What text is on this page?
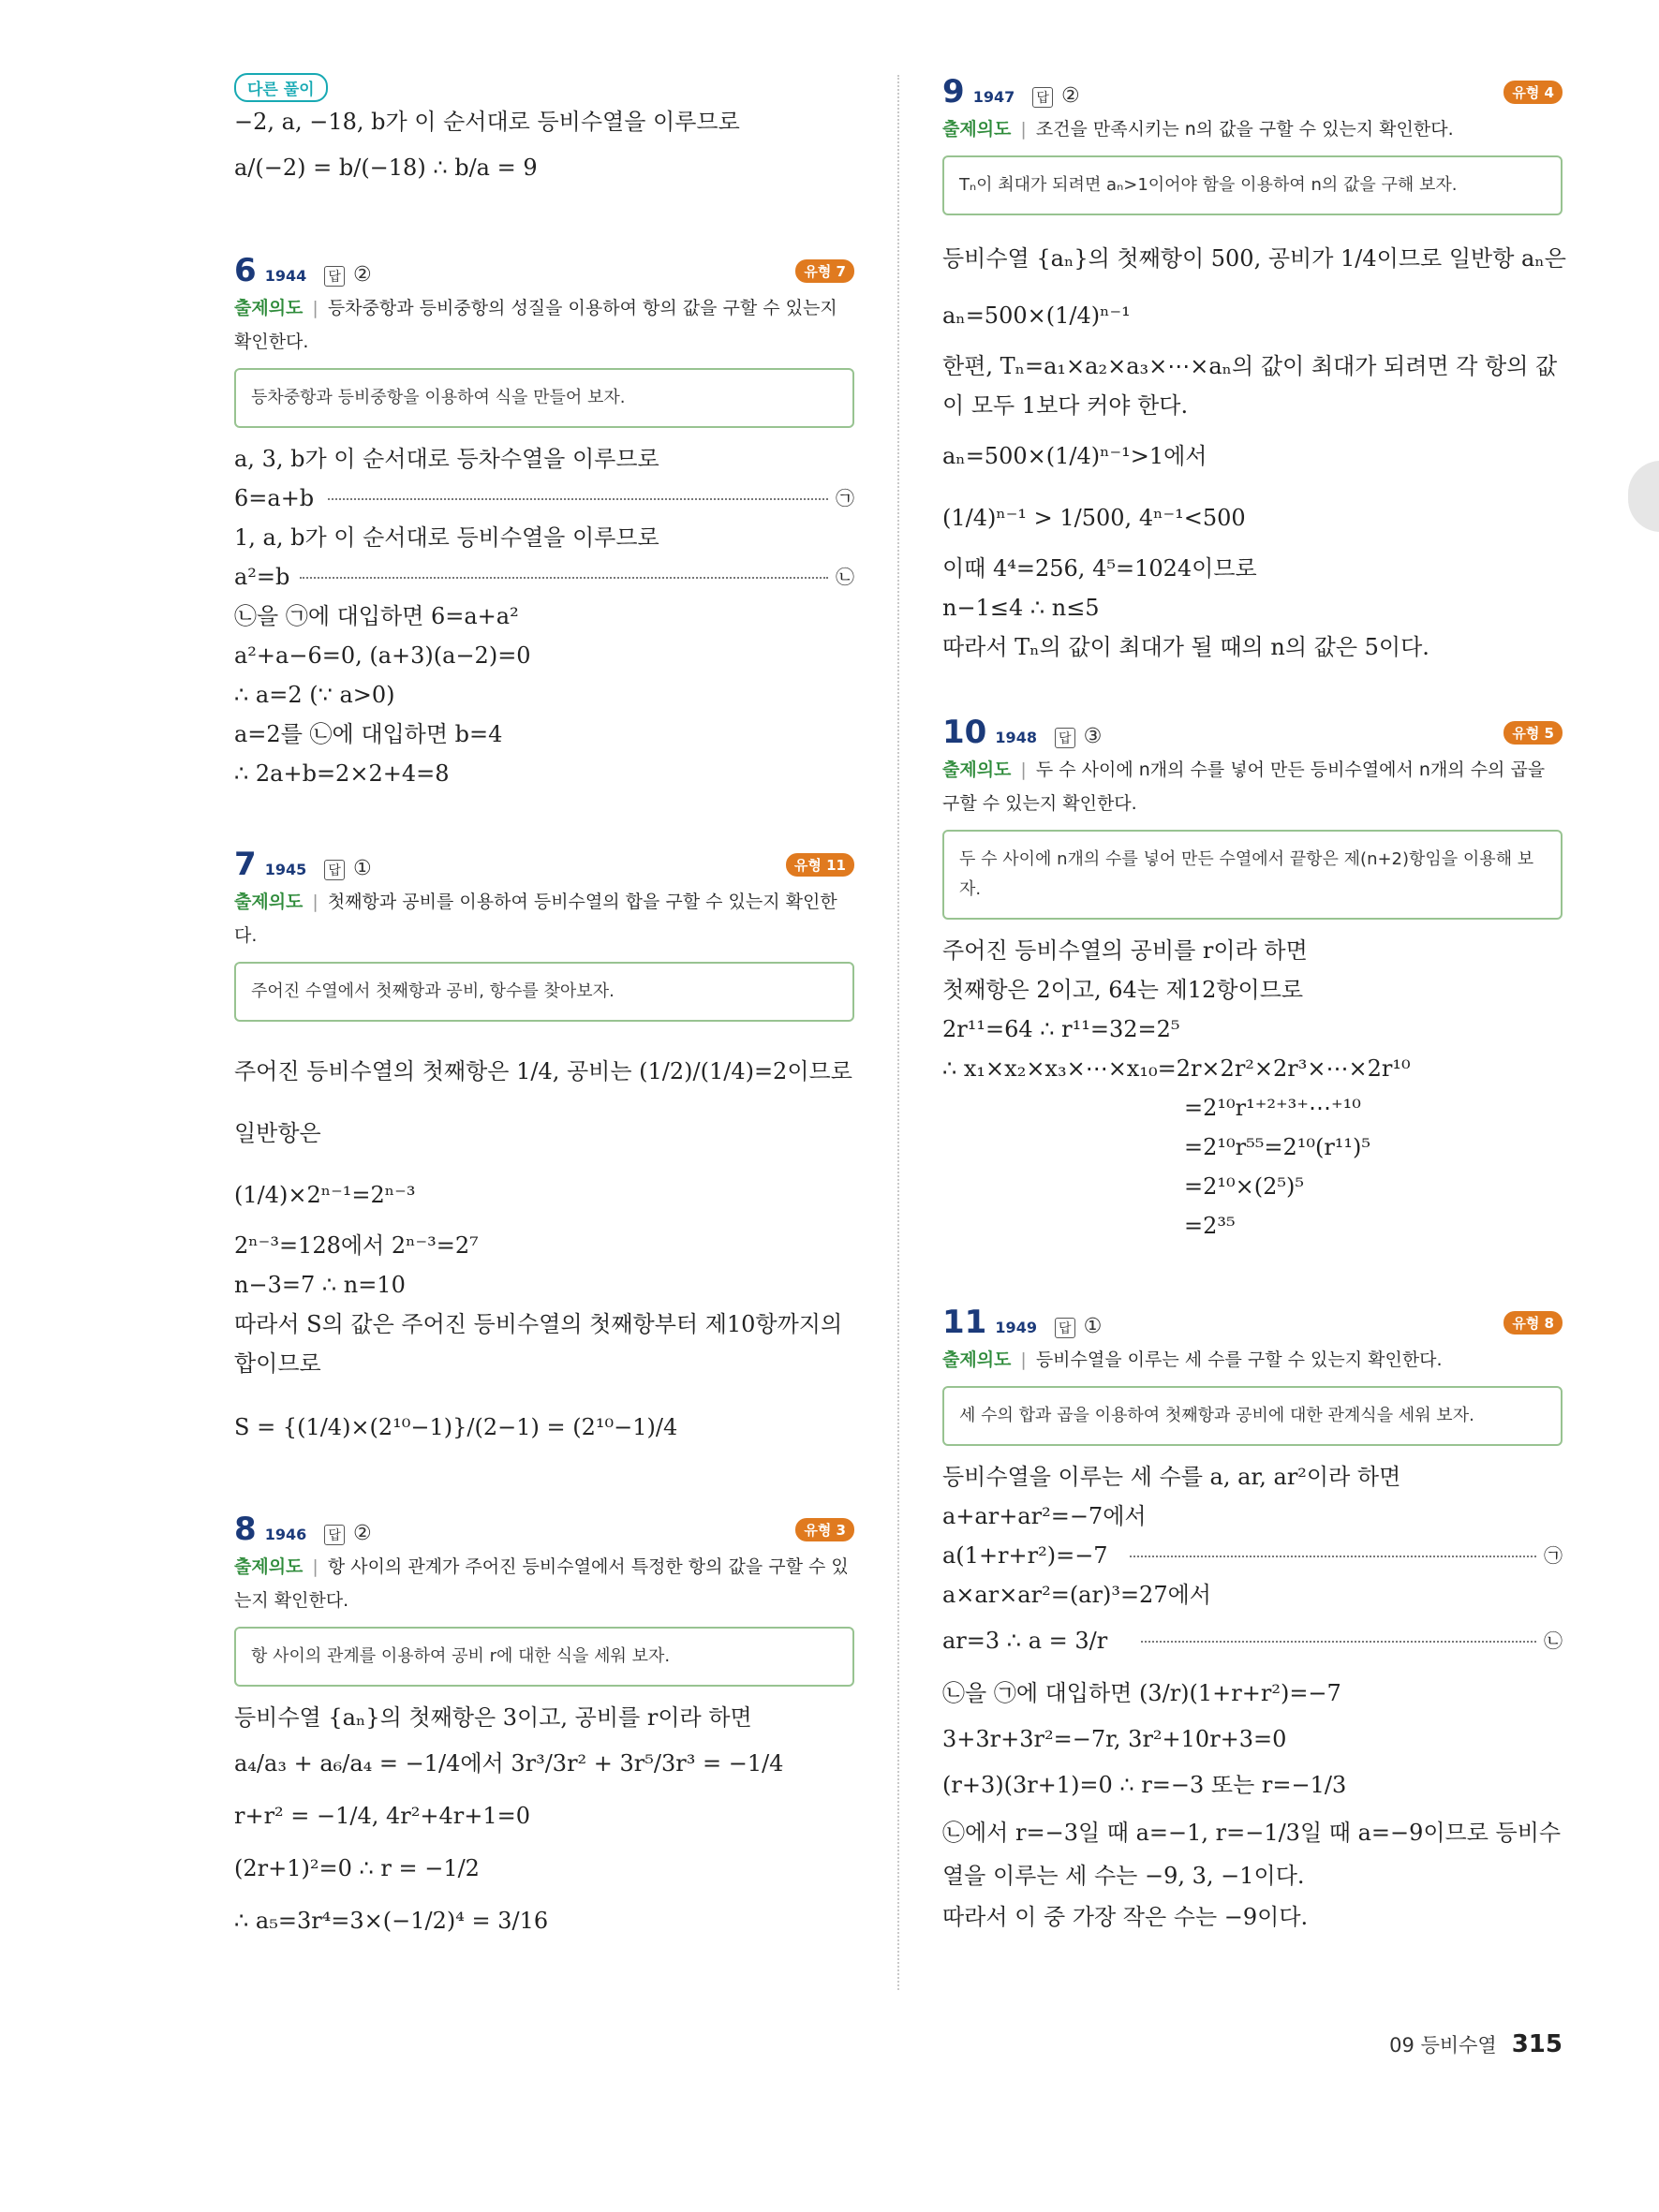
다른 풀이
−2, a, −18, b가 이 순서대로 등비수열을 이루므로
a/(−2) = b/(−18) ∴ b/a = 9
6 1944 답 ②	유형 7
출제의도 | 등차중항과 등비중항의 성질을 이용하여 항의 값을 구할 수 있는지 확인한다.
등차중항과 등비중항을 이용하여 식을 만들어 보자.
a, 3, b가 이 순서대로 등차수열을 이루므로
6=a+b	㉠
1, a, b가 이 순서대로 등비수열을 이루므로
a²=b	㉡
㉡을 ㉠에 대입하면 6=a+a²
a²+a−6=0, (a+3)(a−2)=0
∴ a=2 (∵ a>0)
a=2를 ㉡에 대입하면 b=4
∴ 2a+b=2×2+4=8
7 1945 답 ①	유형 11
출제의도 | 첫째항과 공비를 이용하여 등비수열의 합을 구할 수 있는지 확인한다.
주어진 수열에서 첫째항과 공비, 항수를 찾아보자.
주어진 등비수열의 첫째항은 1/4, 공비는 (1/2)/(1/4)=2이므로 일반항은
(1/4)×2ⁿ⁻¹=2ⁿ⁻³
2ⁿ⁻³=128에서 2ⁿ⁻³=2⁷
n−3=7 ∴ n=10
따라서 S의 값은 주어진 등비수열의 첫째항부터 제10항까지의 합이므로
S = {(1/4)×(2¹⁰−1)}/(2−1) = (2¹⁰−1)/4
8 1946 답 ②	유형 3
출제의도 | 항 사이의 관계가 주어진 등비수열에서 특정한 항의 값을 구할 수 있는지 확인한다.
항 사이의 관계를 이용하여 공비 r에 대한 식을 세워 보자.
등비수열 {aₙ}의 첫째항은 3이고, 공비를 r이라 하면
a₄/a₃ + a₆/a₄ = −1/4에서 3r³/3r² + 3r⁵/3r³ = −1/4
r+r² = −1/4, 4r²+4r+1=0
(2r+1)²=0 ∴ r = −1/2
∴ a₅=3r⁴=3×(−1/2)⁴ = 3/16
9 1947 답 ②	유형 4
출제의도 | 조건을 만족시키는 n의 값을 구할 수 있는지 확인한다.
Tₙ이 최대가 되려면 aₙ>1이어야 함을 이용하여 n의 값을 구해 보자.
등비수열 {aₙ}의 첫째항이 500, 공비가 1/4이므로 일반항 aₙ은
aₙ=500×(1/4)ⁿ⁻¹
한편, Tₙ=a₁×a₂×a₃×⋯×aₙ의 값이 최대가 되려면 각 항의 값이 모두 1보다 커야 한다.
aₙ=500×(1/4)ⁿ⁻¹>1에서
(1/4)ⁿ⁻¹ > 1/500, 4ⁿ⁻¹<500
이때 4⁴=256, 4⁵=1024이므로
n−1≤4 ∴ n≤5
따라서 Tₙ의 값이 최대가 될 때의 n의 값은 5이다.
10 1948 답 ③	유형 5
출제의도 | 두 수 사이에 n개의 수를 넣어 만든 등비수열에서 n개의 수의 곱을 구할 수 있는지 확인한다.
두 수 사이에 n개의 수를 넣어 만든 수열에서 끝항은 제(n+2)항임을 이용해 보자.
주어진 등비수열의 공비를 r이라 하면
첫째항은 2이고, 64는 제12항이므로
2r¹¹=64 ∴ r¹¹=32=2⁵
∴ x₁×x₂×x₃×⋯×x₁₀=2r×2r²×2r³×⋯×2r¹⁰
=2¹⁰r¹⁺²⁺³⁺⋯⁺¹⁰
=2¹⁰r⁵⁵=2¹⁰(r¹¹)⁵
=2¹⁰×(2⁵)⁵
=2³⁵
11 1949 답 ①	유형 8
출제의도 | 등비수열을 이루는 세 수를 구할 수 있는지 확인한다.
세 수의 합과 곱을 이용하여 첫째항과 공비에 대한 관계식을 세워 보자.
등비수열을 이루는 세 수를 a, ar, ar²이라 하면
a+ar+ar²=−7에서
a(1+r+r²)=−7	㉠
a×ar×ar²=(ar)³=27에서
ar=3 ∴ a = 3/r	㉡
㉡을 ㉠에 대입하면 (3/r)(1+r+r²)=−7
3+3r+3r²=−7r, 3r²+10r+3=0
(r+3)(3r+1)=0 ∴ r=−3 또는 r=−1/3
㉡에서 r=−3일 때 a=−1, r=−1/3일 때 a=−9이므로 등비수열을 이루는 세 수는 −9, 3, −1이다.
따라서 이 중 가장 작은 수는 −9이다.
09 등비수열 315
